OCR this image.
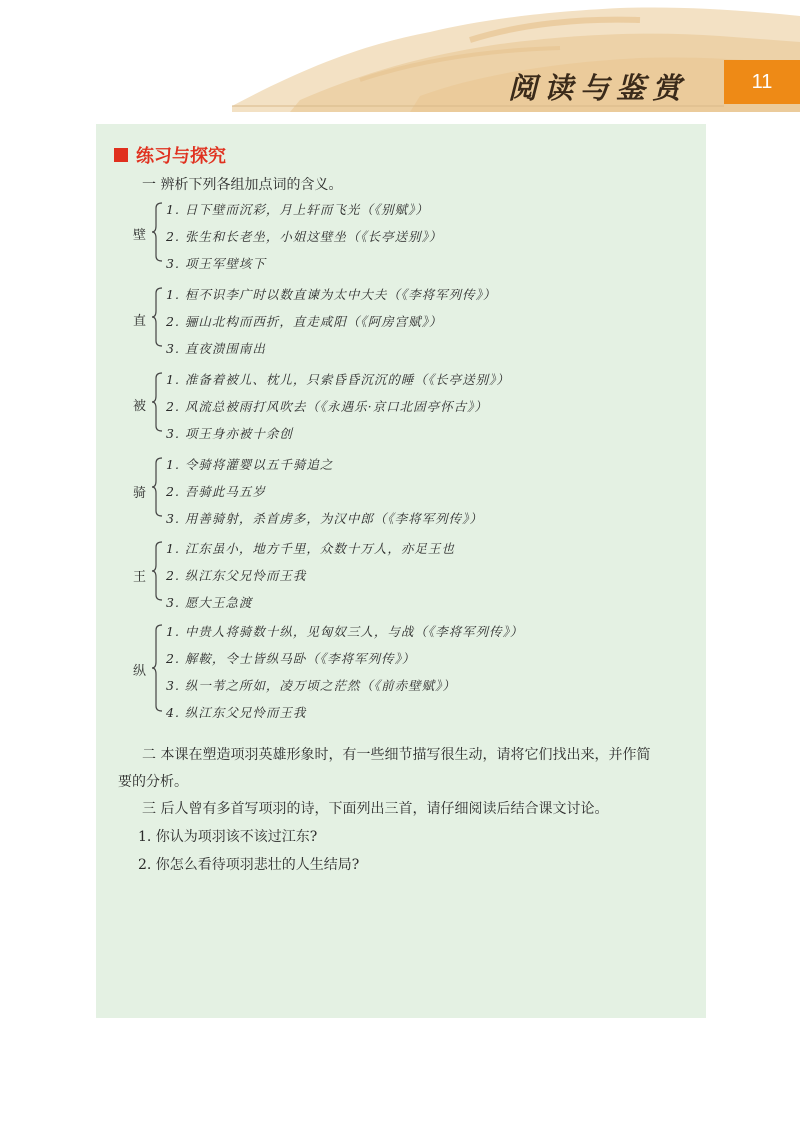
阅读与鉴赏	11
练习与探究
一 辨析下列各组加点词的含义。
壁
1. 日下壁而沉彩，月上轩而飞光（《别赋》）
2. 张生和长老坐，小姐这壁坐（《长亭送别》）
3. 项王军壁垓下
直
1. 桓不识李广时以数直谏为太中大夫（《李将军列传》）
2. 骊山北构而西折，直走咸阳（《阿房宫赋》）
3. 直夜溃围南出
被
1. 准备着被儿、枕儿，只索昏昏沉沉的睡（《长亭送别》）
2. 风流总被雨打风吹去（《永遇乐·京口北固亭怀古》）
3. 项王身亦被十余创
骑
1. 令骑将灌婴以五千骑追之
2. 吾骑此马五岁
3. 用善骑射，杀首虏多，为汉中郎（《李将军列传》）
王
1. 江东虽小，地方千里，众数十万人，亦足王也
2. 纵江东父兄怜而王我
3. 愿大王急渡
纵
1. 中贵人将骑数十纵，见匈奴三人，与战（《李将军列传》）
2. 解鞍，令士皆纵马卧（《李将军列传》）
3. 纵一苇之所如，凌万顷之茫然（《前赤壁赋》）
4. 纵江东父兄怜而王我
二 本课在塑造项羽英雄形象时，有一些细节描写很生动，请将它们找出来，并作简
要的分析。
三 后人曾有多首写项羽的诗，下面列出三首，请仔细阅读后结合课文讨论。
1. 你认为项羽该不该过江东?
2. 你怎么看待项羽悲壮的人生结局?
